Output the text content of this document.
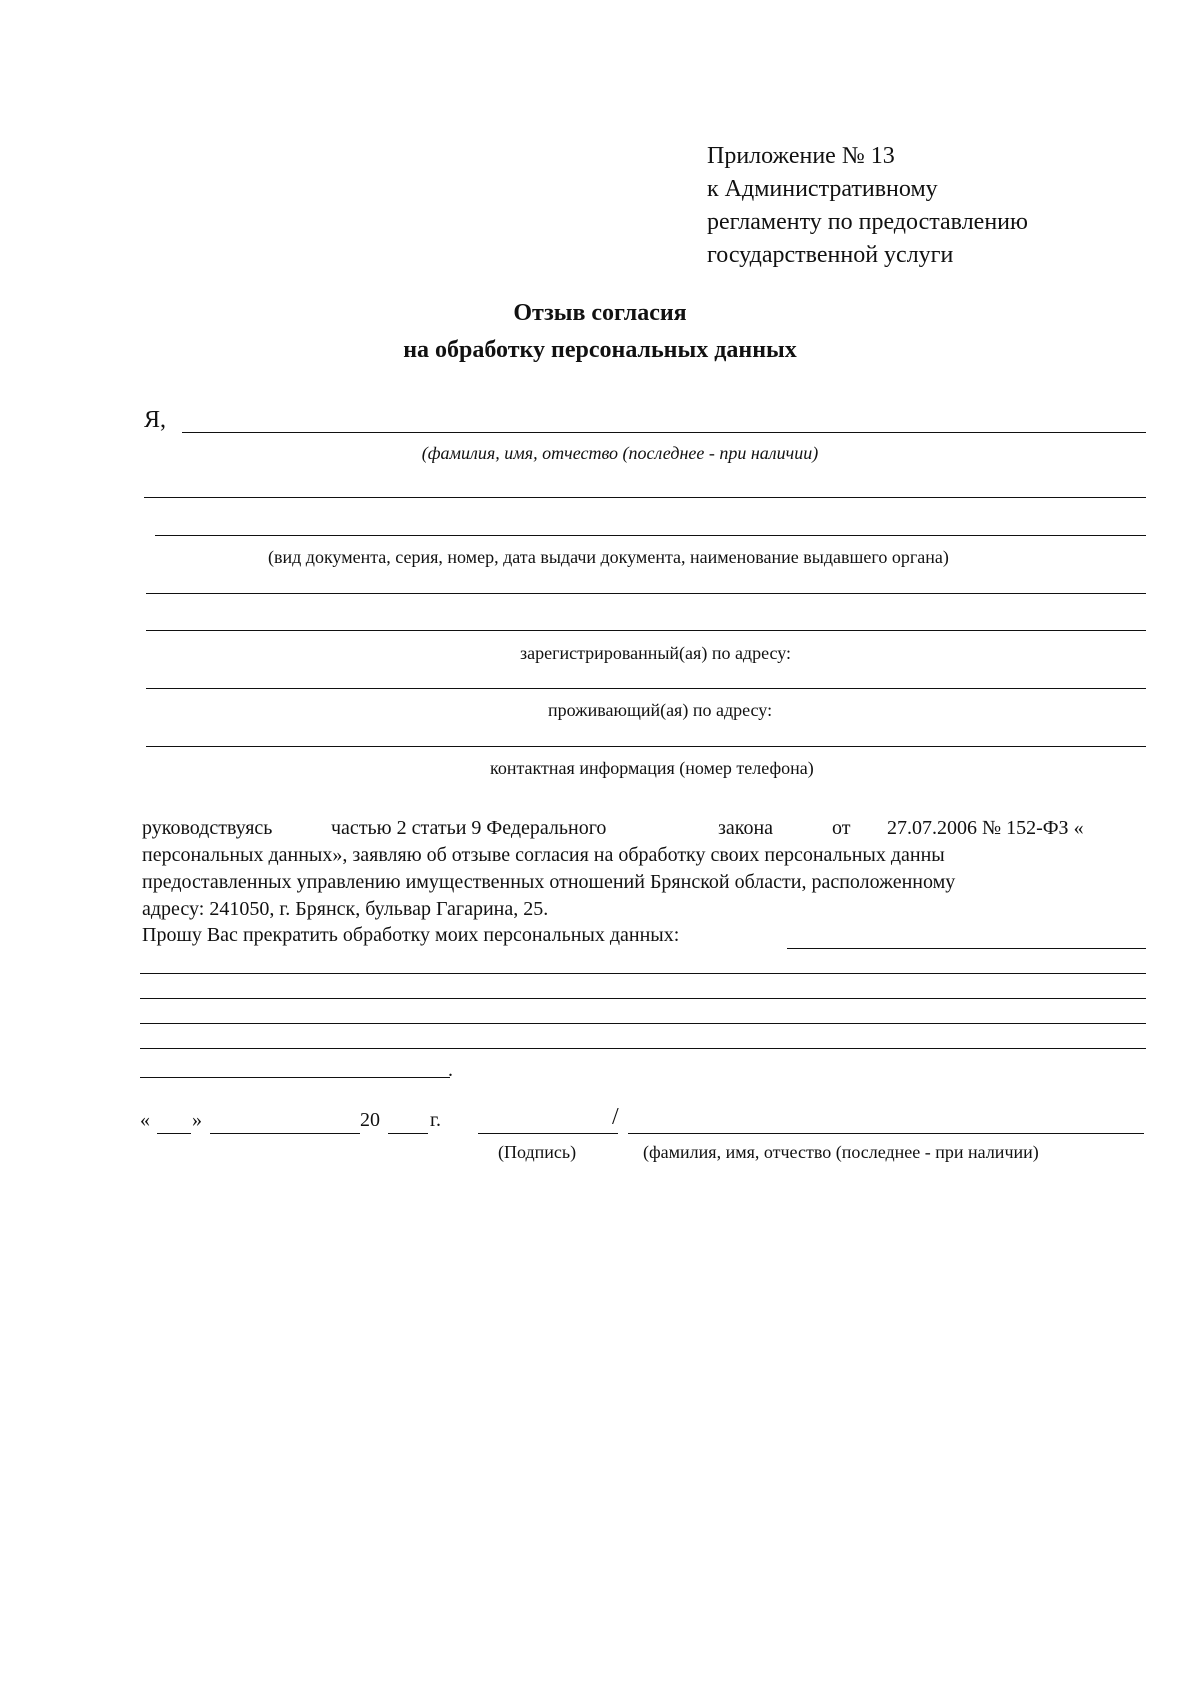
Приложение № 13
к Административному
регламенту по предоставлению
государственной услуги
Отзыв согласия
на обработку персональных данных
Я,
(фамилия, имя, отчество (последнее - при наличии)
(вид документа, серия, номер, дата выдачи документа, наименование выдавшего органа)
зарегистрированный(ая) по адресу:
проживающий(ая) по адресу:
контактная информация (номер телефона)
руководствуясь	частью 2 статьи 9 Федерального	закона	от 27.07.2006 № 152-ФЗ «
персональных данных», заявляю об отзыве согласия на обработку своих персональных данны
предоставленных управлению имущественных отношений Брянской области, расположенному
адресу: 241050, г. Брянск, бульвар Гагарина, 25.
Прошу Вас прекратить обработку моих персональных данных:
.
« »	20	г.	/
(Подпись)	(фамилия, имя, отчество (последнее - при наличии)
